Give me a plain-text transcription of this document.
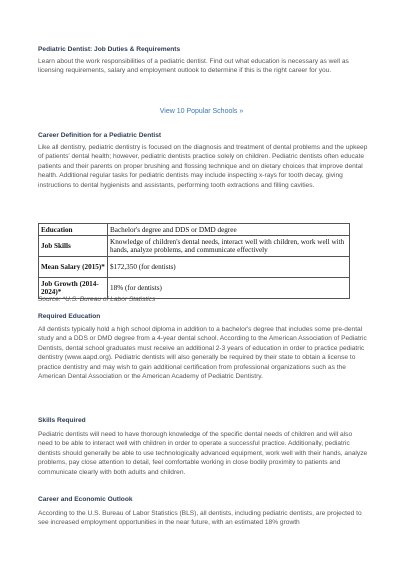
Pediatric Dentist: Job Duties & Requirements

Learn about the work responsibilities of a pediatric dentist. Find out what education is necessary as well as licensing requirements, salary and employment outlook to determine if this is the right career for you.

View 10 Popular Schools »

Career Definition for a Pediatric Dentist

Like all dentistry, pediatric dentistry is focused on the diagnosis and treatment of dental problems and the upkeep of patients' dental health; however, pediatric dentists practice solely on children. Pediatric dentists often educate patients and their parents on proper brushing and flossing technique and on dietary choices that improve dental health. Additional regular tasks for pediatric dentists may include inspecting x-rays for tooth decay, giving instructions to dental hygienists and assistants, performing tooth extractions and filling cavities.

Education	Bachelor's degree and DDS or DMD degree
Job Skills	Knowledge of children's dental needs, interact well with children, work well with hands, analyze problems, and communicate effectively
Mean Salary (2015)*	$172,350 (for dentists)
Job Growth (2014-2024)*	18% (for dentists)
Source: *U.S. Bureau of Labor Statistics

Required Education

All dentists typically hold a high school diploma in addition to a bachelor's degree that includes some pre-dental study and a DDS or DMD degree from a 4-year dental school. According to the American Association of Pediatric Dentists, dental school graduates must receive an additional 2-3 years of education in order to practice pediatric dentistry (www.aapd.org). Pediatric dentists will also generally be required by their state to obtain a license to practice dentistry and may wish to gain additional certification from professional organizations such as the American Dental Association or the American Academy of Pediatric Dentistry.

Skills Required

Pediatric dentists will need to have thorough knowledge of the specific dental needs of children and will also need to be able to interact well with children in order to operate a successful practice. Additionally, pediatric dentists should generally be able to use technologically advanced equipment, work well with their hands, analyze problems, pay close attention to detail, feel comfortable working in close bodily proximity to patients and communicate clearly with both adults and children.

Career and Economic Outlook

According to the U.S. Bureau of Labor Statistics (BLS), all dentists, including pediatric dentists, are projected to see increased employment opportunities in the near future, with an estimated 18% growth
